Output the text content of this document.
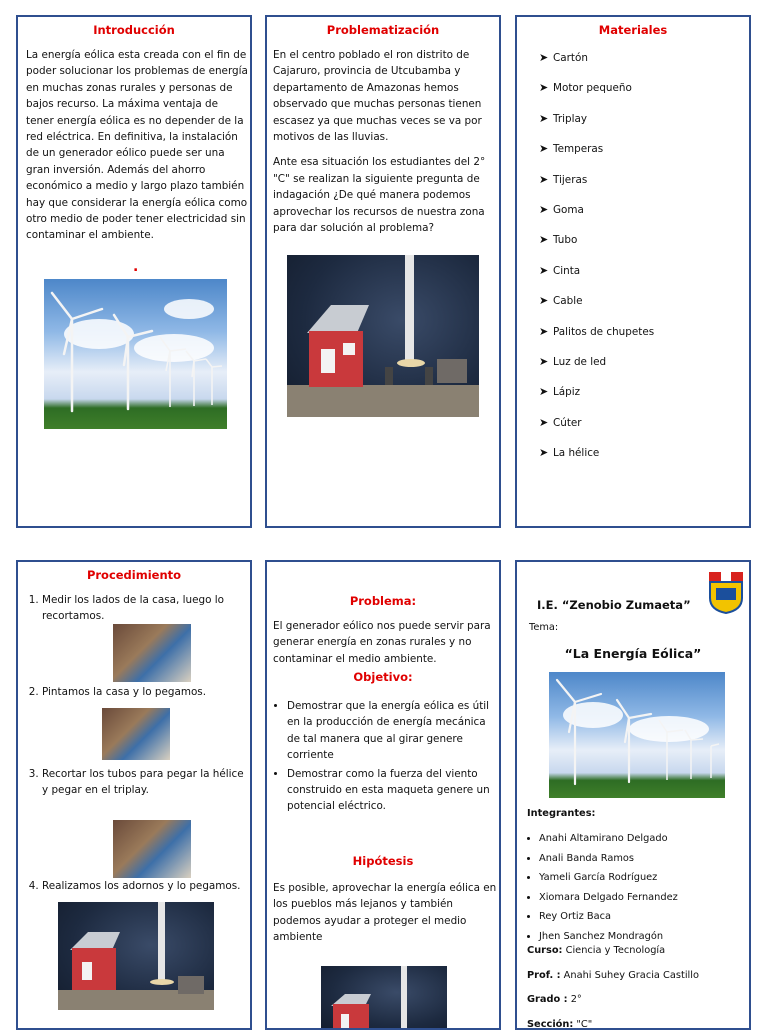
Introducción
La energía eólica esta creada con el fin de poder solucionar los problemas de energía en muchas zonas rurales y personas de bajos recurso. La máxima ventaja de tener energía eólica es no depender de la red eléctrica. En definitiva, la instalación de un generador eólico puede ser una gran inversión. Además del ahorro económico a medio y largo plazo también hay que considerar la energía eólica como otro medio de poder tener electricidad sin contaminar el ambiente.
.
Problematización

En el centro poblado el ron distrito de Cajaruro, provincia de Utcubamba y departamento de Amazonas hemos observado que muchas personas tienen escasez ya que muchas veces se va por motivos de las lluvias.

Ante esa situación los estudiantes del 2° "C" se realizan la siguiente pregunta de indagación ¿De qué manera podemos aprovechar los recursos de nuestra zona para dar solución al problema?

Materiales
➤ Cartón
➤ Motor pequeño
➤ Triplay
➤ Temperas
➤ Tijeras
➤ Goma
➤ Tubo
➤ Cinta
➤ Cable
➤ Palitos de chupetes
➤ Luz de led
➤ Lápiz
➤ Cúter
➤ La hélice
Procedimiento
1. Medir los lados de la casa, luego lo recortamos.
2. Pintamos la casa y lo pegamos.
3. Recortar los tubos para pegar la hélice y pegar en el triplay.
4. Realizamos los adornos y lo pegamos.
Problema:
El generador eólico nos puede servir para generar energía en zonas rurales y no contaminar el medio ambiente.
Objetivo:
• Demostrar que la energía eólica es útil en la producción de energía mecánica de tal manera que al girar genere corriente
• Demostrar como la fuerza del viento construido en esta maqueta genere un potencial eléctrico.
Hipótesis
Es posible, aprovechar la energía eólica en los pueblos más lejanos y también podemos ayudar a proteger el medio ambiente
I.E. “Zenobio Zumaeta”
Tema:
“La Energía Eólica”
Integrantes:
• Anahi Altamirano Delgado
• Anali Banda Ramos
• Yameli García Rodríguez
• Xiomara Delgado Fernandez
• Rey Ortiz Baca
• Jhen Sanchez Mondragón
Curso: Ciencia y Tecnología
Prof. : Anahi Suhey Gracia Castillo
Grado : 2°
Sección: "C"
